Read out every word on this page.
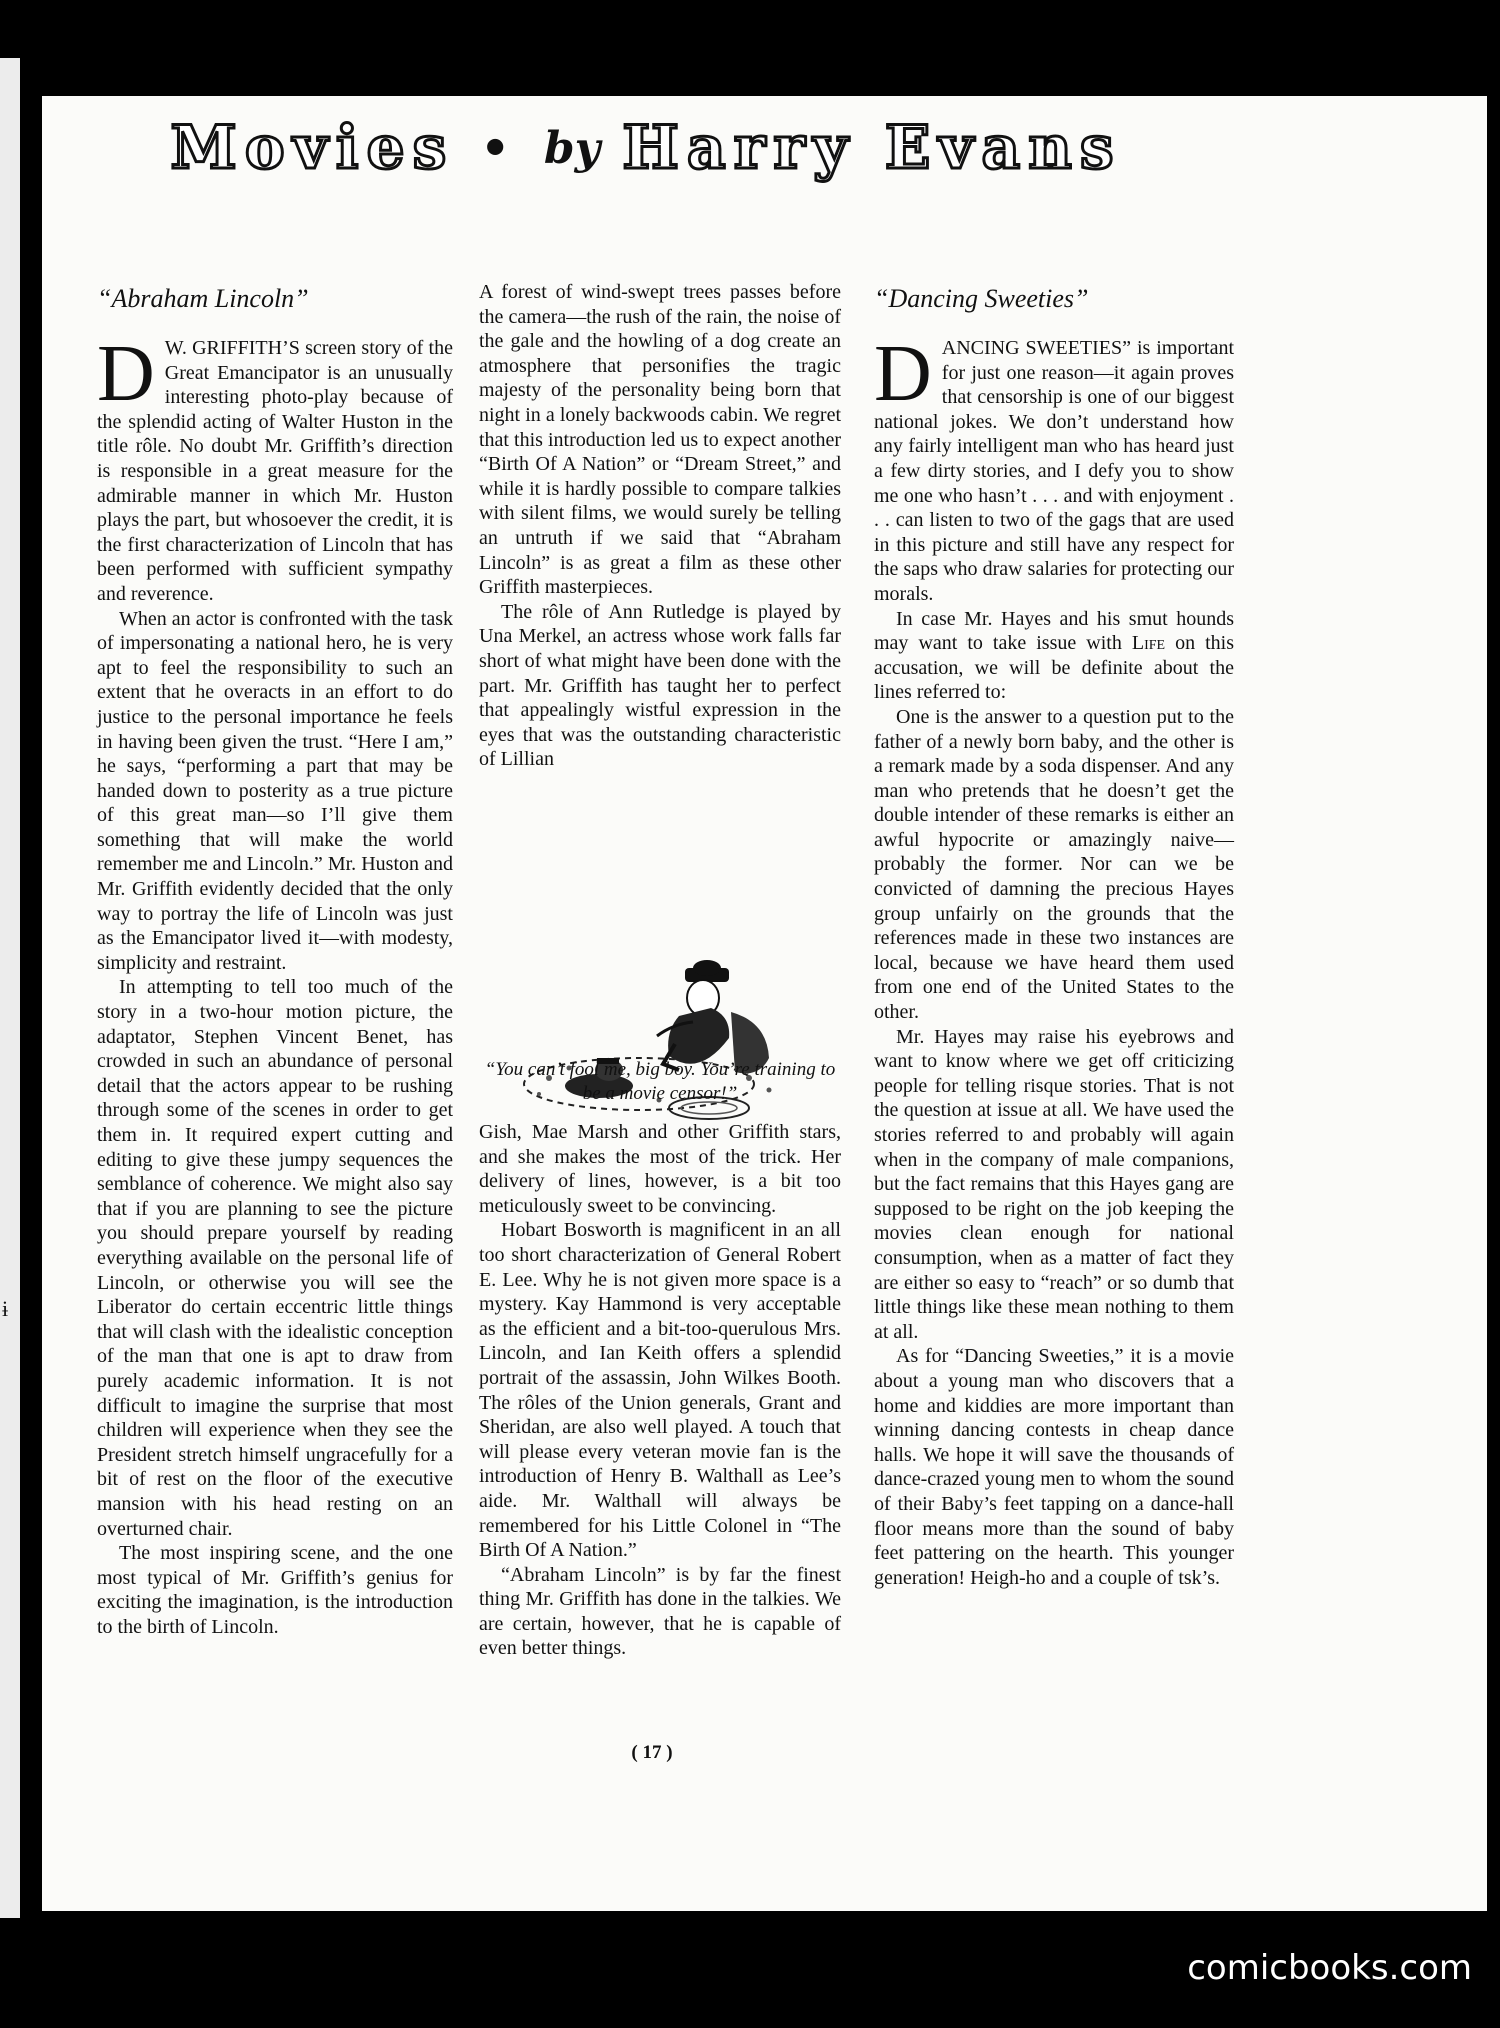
ɨ
Movies • by Harry Evans
“Abraham Lincoln”

D W. GRIFFITH’S screen story of the Great Emancipator is an unusually interesting photo-play because of the splendid acting of Walter Huston in the title rôle. No doubt Mr. Griffith’s direction is responsible in a great measure for the admirable manner in which Mr. Huston plays the part, but whosoever the credit, it is the first characterization of Lincoln that has been performed with sufficient sympathy and reverence.

When an actor is confronted with the task of impersonating a national hero, he is very apt to feel the responsibility to such an extent that he overacts in an effort to do justice to the personal importance he feels in having been given the trust. “Here I am,” he says, “performing a part that may be handed down to posterity as a true picture of this great man—so I’ll give them something that will make the world remember me and Lincoln.” Mr. Huston and Mr. Griffith evidently decided that the only way to portray the life of Lincoln was just as the Emancipator lived it—with modesty, simplicity and restraint.

In attempting to tell too much of the story in a two-hour motion picture, the adaptator, Stephen Vincent Benet, has crowded in such an abundance of personal detail that the actors appear to be rushing through some of the scenes in order to get them in. It required expert cutting and editing to give these jumpy sequences the semblance of coherence. We might also say that if you are planning to see the picture you should prepare yourself by reading everything available on the personal life of Lincoln, or otherwise you will see the Liberator do certain eccentric little things that will clash with the idealistic conception of the man that one is apt to draw from purely academic information. It is not difficult to imagine the surprise that most children will experience when they see the President stretch himself ungracefully for a bit of rest on the floor of the executive mansion with his head resting on an overturned chair.

The most inspiring scene, and the one most typical of Mr. Griffith’s genius for exciting the imagination, is the introduction to the birth of Lincoln.

A forest of wind-swept trees passes before the camera—the rush of the rain, the noise of the gale and the howling of a dog create an atmosphere that personifies the tragic majesty of the personality being born that night in a lonely backwoods cabin. We regret that this introduction led us to expect another “Birth Of A Nation” or “Dream Street,” and while it is hardly possible to compare talkies with silent films, we would surely be telling an untruth if we said that “Abraham Lincoln” is as great a film as these other Griffith masterpieces.

The rôle of Ann Rutledge is played by Una Merkel, an actress whose work falls far short of what might have been done with the part. Mr. Griffith has taught her to perfect that appealingly wistful expression in the eyes that was the outstanding characteristic of Lillian

“You can’t fool me, big boy. You’re training to be a movie censor!”

Gish, Mae Marsh and other Griffith stars, and she makes the most of the trick. Her delivery of lines, however, is a bit too meticulously sweet to be convincing.

Hobart Bosworth is magnificent in an all too short characterization of General Robert E. Lee. Why he is not given more space is a mystery. Kay Hammond is very acceptable as the efficient and a bit-too-querulous Mrs. Lincoln, and Ian Keith offers a splendid portrait of the assassin, John Wilkes Booth. The rôles of the Union generals, Grant and Sheridan, are also well played. A touch that will please every veteran movie fan is the introduction of Henry B. Walthall as Lee’s aide. Mr. Walthall will always be remembered for his Little Colonel in “The Birth Of A Nation.”

“Abraham Lincoln” is by far the finest thing Mr. Griffith has done in the talkies. We are certain, however, that he is capable of even better things.

“Dancing Sweeties”

DANCING SWEETIES” is important for just one reason—it again proves that censorship is one of our biggest national jokes. We don’t understand how any fairly intelligent man who has heard just a few dirty stories, and I defy you to show me one who hasn’t . . . and with enjoyment . . . can listen to two of the gags that are used in this picture and still have any respect for the saps who draw salaries for protecting our morals.

In case Mr. Hayes and his smut hounds may want to take issue with Life on this accusation, we will be definite about the lines referred to:

One is the answer to a question put to the father of a newly born baby, and the other is a remark made by a soda dispenser. And any man who pretends that he doesn’t get the double intender of these remarks is either an awful hypocrite or amazingly naive—probably the former. Nor can we be convicted of damning the precious Hayes group unfairly on the grounds that the references made in these two instances are local, because we have heard them used from one end of the United States to the other.

Mr. Hayes may raise his eyebrows and want to know where we get off criticizing people for telling risque stories. That is not the question at issue at all. We have used the stories referred to and probably will again when in the company of male companions, but the fact remains that this Hayes gang are supposed to be right on the job keeping the movies clean enough for national consumption, when as a matter of fact they are either so easy to “reach” or so dumb that little things like these mean nothing to them at all.

As for “Dancing Sweeties,” it is a movie about a young man who discovers that a home and kiddies are more important than winning dancing contests in cheap dance halls. We hope it will save the thousands of dance-crazed young men to whom the sound of their Baby’s feet tapping on a dance-hall floor means more than the sound of baby feet pattering on the hearth. This younger generation! Heigh-ho and a couple of tsk’s.

( 17 )
comicbooks.com
